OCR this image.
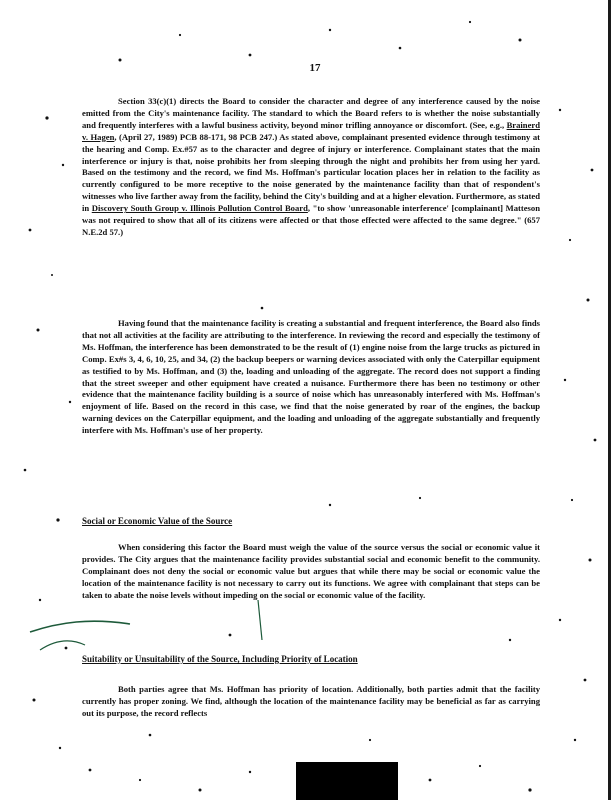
17

Section 33(c)(1) directs the Board to consider the character and degree of any interference caused by the noise emitted from the City's maintenance facility. The standard to which the Board refers to is whether the noise substantially and frequently interferes with a lawful business activity, beyond minor trifling annoyance or discomfort. (See, e.g., Brainerd v. Hagen, (April 27, 1989) PCB 88-171, 98 PCB 247.) As stated above, complainant presented evidence through testimony at the hearing and Comp. Ex.#57 as to the character and degree of injury or interference. Complainant states that the main interference or injury is that, noise prohibits her from sleeping through the night and prohibits her from using her yard. Based on the testimony and the record, we find Ms. Hoffman's particular location places her in relation to the facility as currently configured to be more receptive to the noise generated by the maintenance facility than that of respondent's witnesses who live farther away from the facility, behind the City's building and at a higher elevation. Furthermore, as stated in Discovery South Group v. Illinois Pollution Control Board, "to show 'unreasonable interference' [complainant] Matteson was not required to show that all of its citizens were affected or that those effected were affected to the same degree." (657 N.E.2d 57.)

Having found that the maintenance facility is creating a substantial and frequent interference, the Board also finds that not all activities at the facility are attributing to the interference. In reviewing the record and especially the testimony of Ms. Hoffman, the interference has been demonstrated to be the result of (1) engine noise from the large trucks as pictured in Comp. Ex#s 3, 4, 6, 10, 25, and 34, (2) the backup beepers or warning devices associated with only the Caterpillar equipment as testified to by Ms. Hoffman, and (3) the, loading and unloading of the aggregate. The record does not support a finding that the street sweeper and other equipment have created a nuisance. Furthermore there has been no testimony or other evidence that the maintenance facility building is a source of noise which has unreasonably interfered with Ms. Hoffman's enjoyment of life. Based on the record in this case, we find that the noise generated by roar of the engines, the backup warning devices on the Caterpillar equipment, and the loading and unloading of the aggregate substantially and frequently interfere with Ms. Hoffman's use of her property.

Social or Economic Value of the Source

When considering this factor the Board must weigh the value of the source versus the social or economic value it provides. The City argues that the maintenance facility provides substantial social and economic benefit to the community. Complainant does not deny the social or economic value but argues that while there may be social or economic value the location of the maintenance facility is not necessary to carry out its functions. We agree with complainant that steps can be taken to abate the noise levels without impeding on the social or economic value of the facility.

Suitability or Unsuitability of the Source, Including Priority of Location

Both parties agree that Ms. Hoffman has priority of location. Additionally, both parties admit that the facility currently has proper zoning. We find, although the location of the maintenance facility may be beneficial as far as carrying out its purpose, the record reflects
